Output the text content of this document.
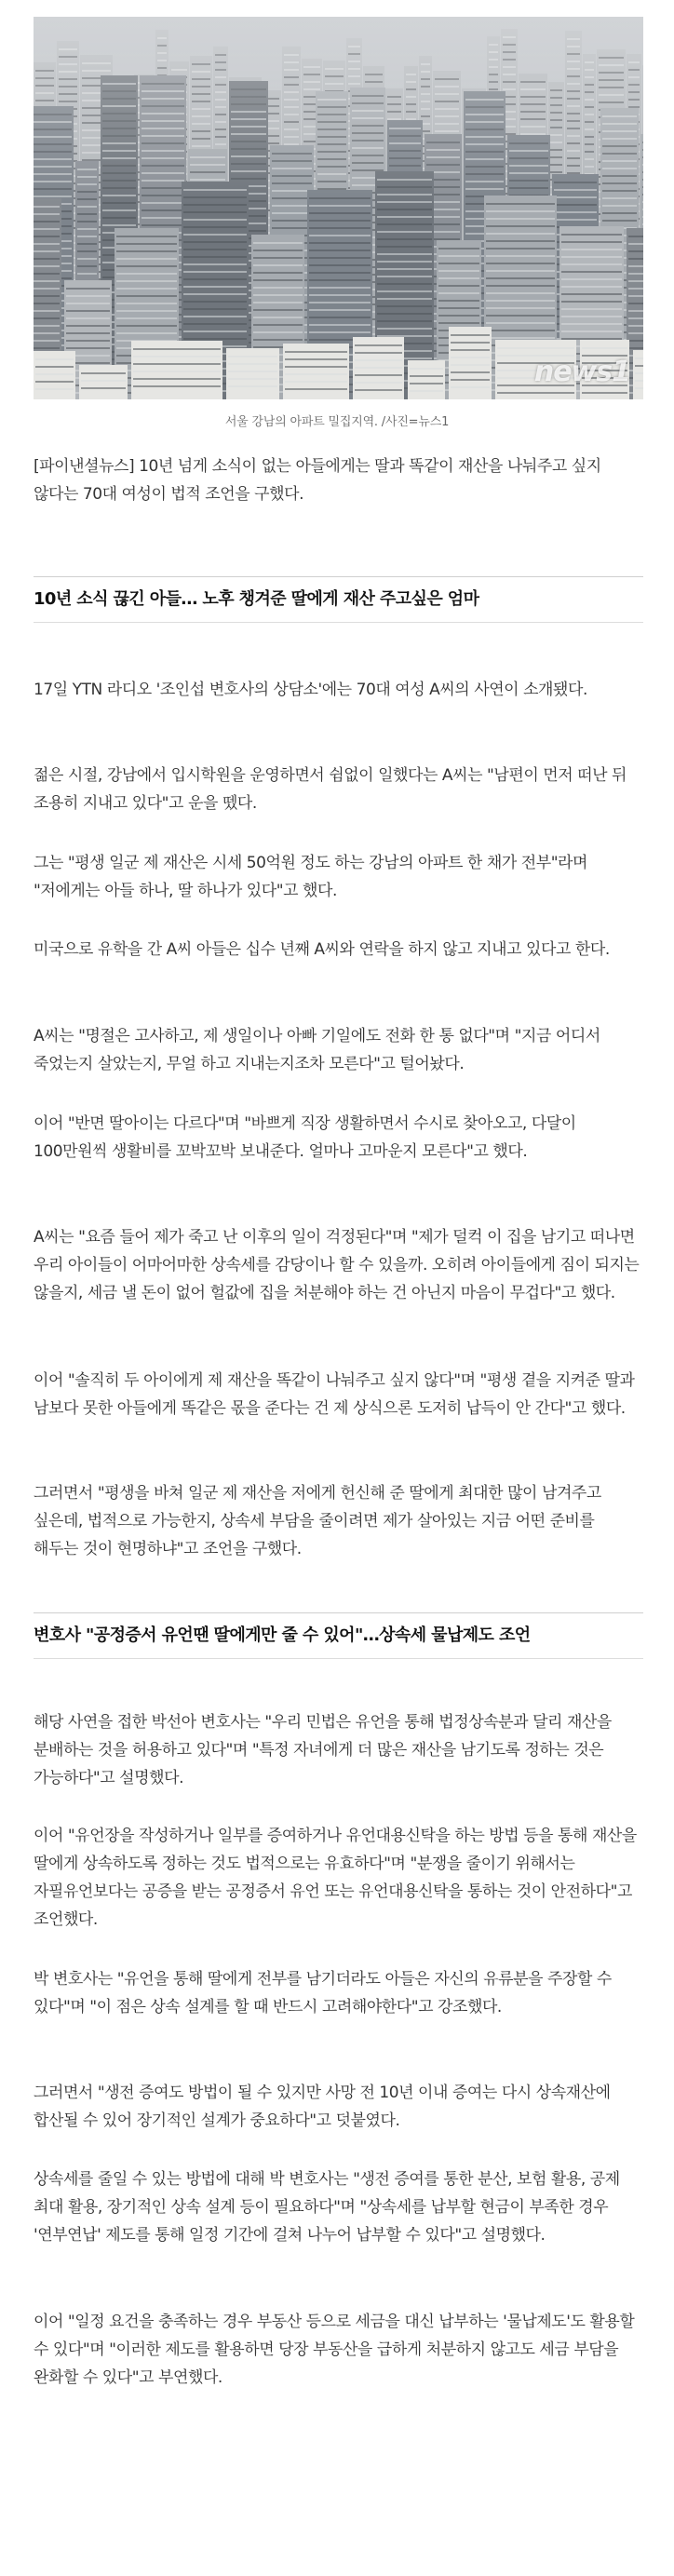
news1
서울 강남의 아파트 밀집지역. /사진=뉴스1

[파이낸셜뉴스] 10년 넘게 소식이 없는 아들에게는 딸과 똑같이 재산을 나눠주고 싶지 않다는 70대 여성이 법적 조언을 구했다.

10년 소식 끊긴 아들… 노후 챙겨준 딸에게 재산 주고싶은 엄마

17일 YTN 라디오 '조인섭 변호사의 상담소'에는 70대 여성 A씨의 사연이 소개됐다.

젊은 시절, 강남에서 입시학원을 운영하면서 쉼없이 일했다는 A씨는 "남편이 먼저 떠난 뒤 조용히 지내고 있다"고 운을 뗐다.

그는 "평생 일군 제 재산은 시세 50억원 정도 하는 강남의 아파트 한 채가 전부"라며 "저에게는 아들 하나, 딸 하나가 있다"고 했다.

미국으로 유학을 간 A씨 아들은 십수 년째 A씨와 연락을 하지 않고 지내고 있다고 한다.

A씨는 "명절은 고사하고, 제 생일이나 아빠 기일에도 전화 한 통 없다"며 "지금 어디서 죽었는지 살았는지, 무얼 하고 지내는지조차 모른다"고 털어놨다.

이어 "반면 딸아이는 다르다"며 "바쁘게 직장 생활하면서 수시로 찾아오고, 다달이 100만원씩 생활비를 꼬박꼬박 보내준다. 얼마나 고마운지 모른다"고 했다.

A씨는 "요즘 들어 제가 죽고 난 이후의 일이 걱정된다"며 "제가 덜컥 이 집을 남기고 떠나면 우리 아이들이 어마어마한 상속세를 감당이나 할 수 있을까. 오히려 아이들에게 짐이 되지는 않을지, 세금 낼 돈이 없어 헐값에 집을 처분해야 하는 건 아닌지 마음이 무겁다"고 했다.

이어 "솔직히 두 아이에게 제 재산을 똑같이 나눠주고 싶지 않다"며 "평생 곁을 지켜준 딸과 남보다 못한 아들에게 똑같은 몫을 준다는 건 제 상식으론 도저히 납득이 안 간다"고 했다.

그러면서 "평생을 바쳐 일군 제 재산을 저에게 헌신해 준 딸에게 최대한 많이 남겨주고 싶은데, 법적으로 가능한지, 상속세 부담을 줄이려면 제가 살아있는 지금 어떤 준비를 해두는 것이 현명하냐"고 조언을 구했다.

변호사 "공정증서 유언땐 딸에게만 줄 수 있어"…상속세 물납제도 조언

해당 사연을 접한 박선아 변호사는 "우리 민법은 유언을 통해 법정상속분과 달리 재산을 분배하는 것을 허용하고 있다"며 "특정 자녀에게 더 많은 재산을 남기도록 정하는 것은 가능하다"고 설명했다.

이어 "유언장을 작성하거나 일부를 증여하거나 유언대용신탁을 하는 방법 등을 통해 재산을 딸에게 상속하도록 정하는 것도 법적으로는 유효하다"며 "분쟁을 줄이기 위해서는 자필유언보다는 공증을 받는 공정증서 유언 또는 유언대용신탁을 통하는 것이 안전하다"고 조언했다.

박 변호사는 "유언을 통해 딸에게 전부를 남기더라도 아들은 자신의 유류분을 주장할 수 있다"며 "이 점은 상속 설계를 할 때 반드시 고려해야한다"고 강조했다.

그러면서 "생전 증여도 방법이 될 수 있지만 사망 전 10년 이내 증여는 다시 상속재산에 합산될 수 있어 장기적인 설계가 중요하다"고 덧붙였다.

상속세를 줄일 수 있는 방법에 대해 박 변호사는 "생전 증여를 통한 분산, 보험 활용, 공제 최대 활용, 장기적인 상속 설계 등이 필요하다"며 "상속세를 납부할 현금이 부족한 경우 '연부연납' 제도를 통해 일정 기간에 걸쳐 나누어 납부할 수 있다"고 설명했다.

이어 "일정 요건을 충족하는 경우 부동산 등으로 세금을 대신 납부하는 '물납제도'도 활용할 수 있다"며 "이러한 제도를 활용하면 당장 부동산을 급하게 처분하지 않고도 세금 부담을 완화할 수 있다"고 부연했다.
